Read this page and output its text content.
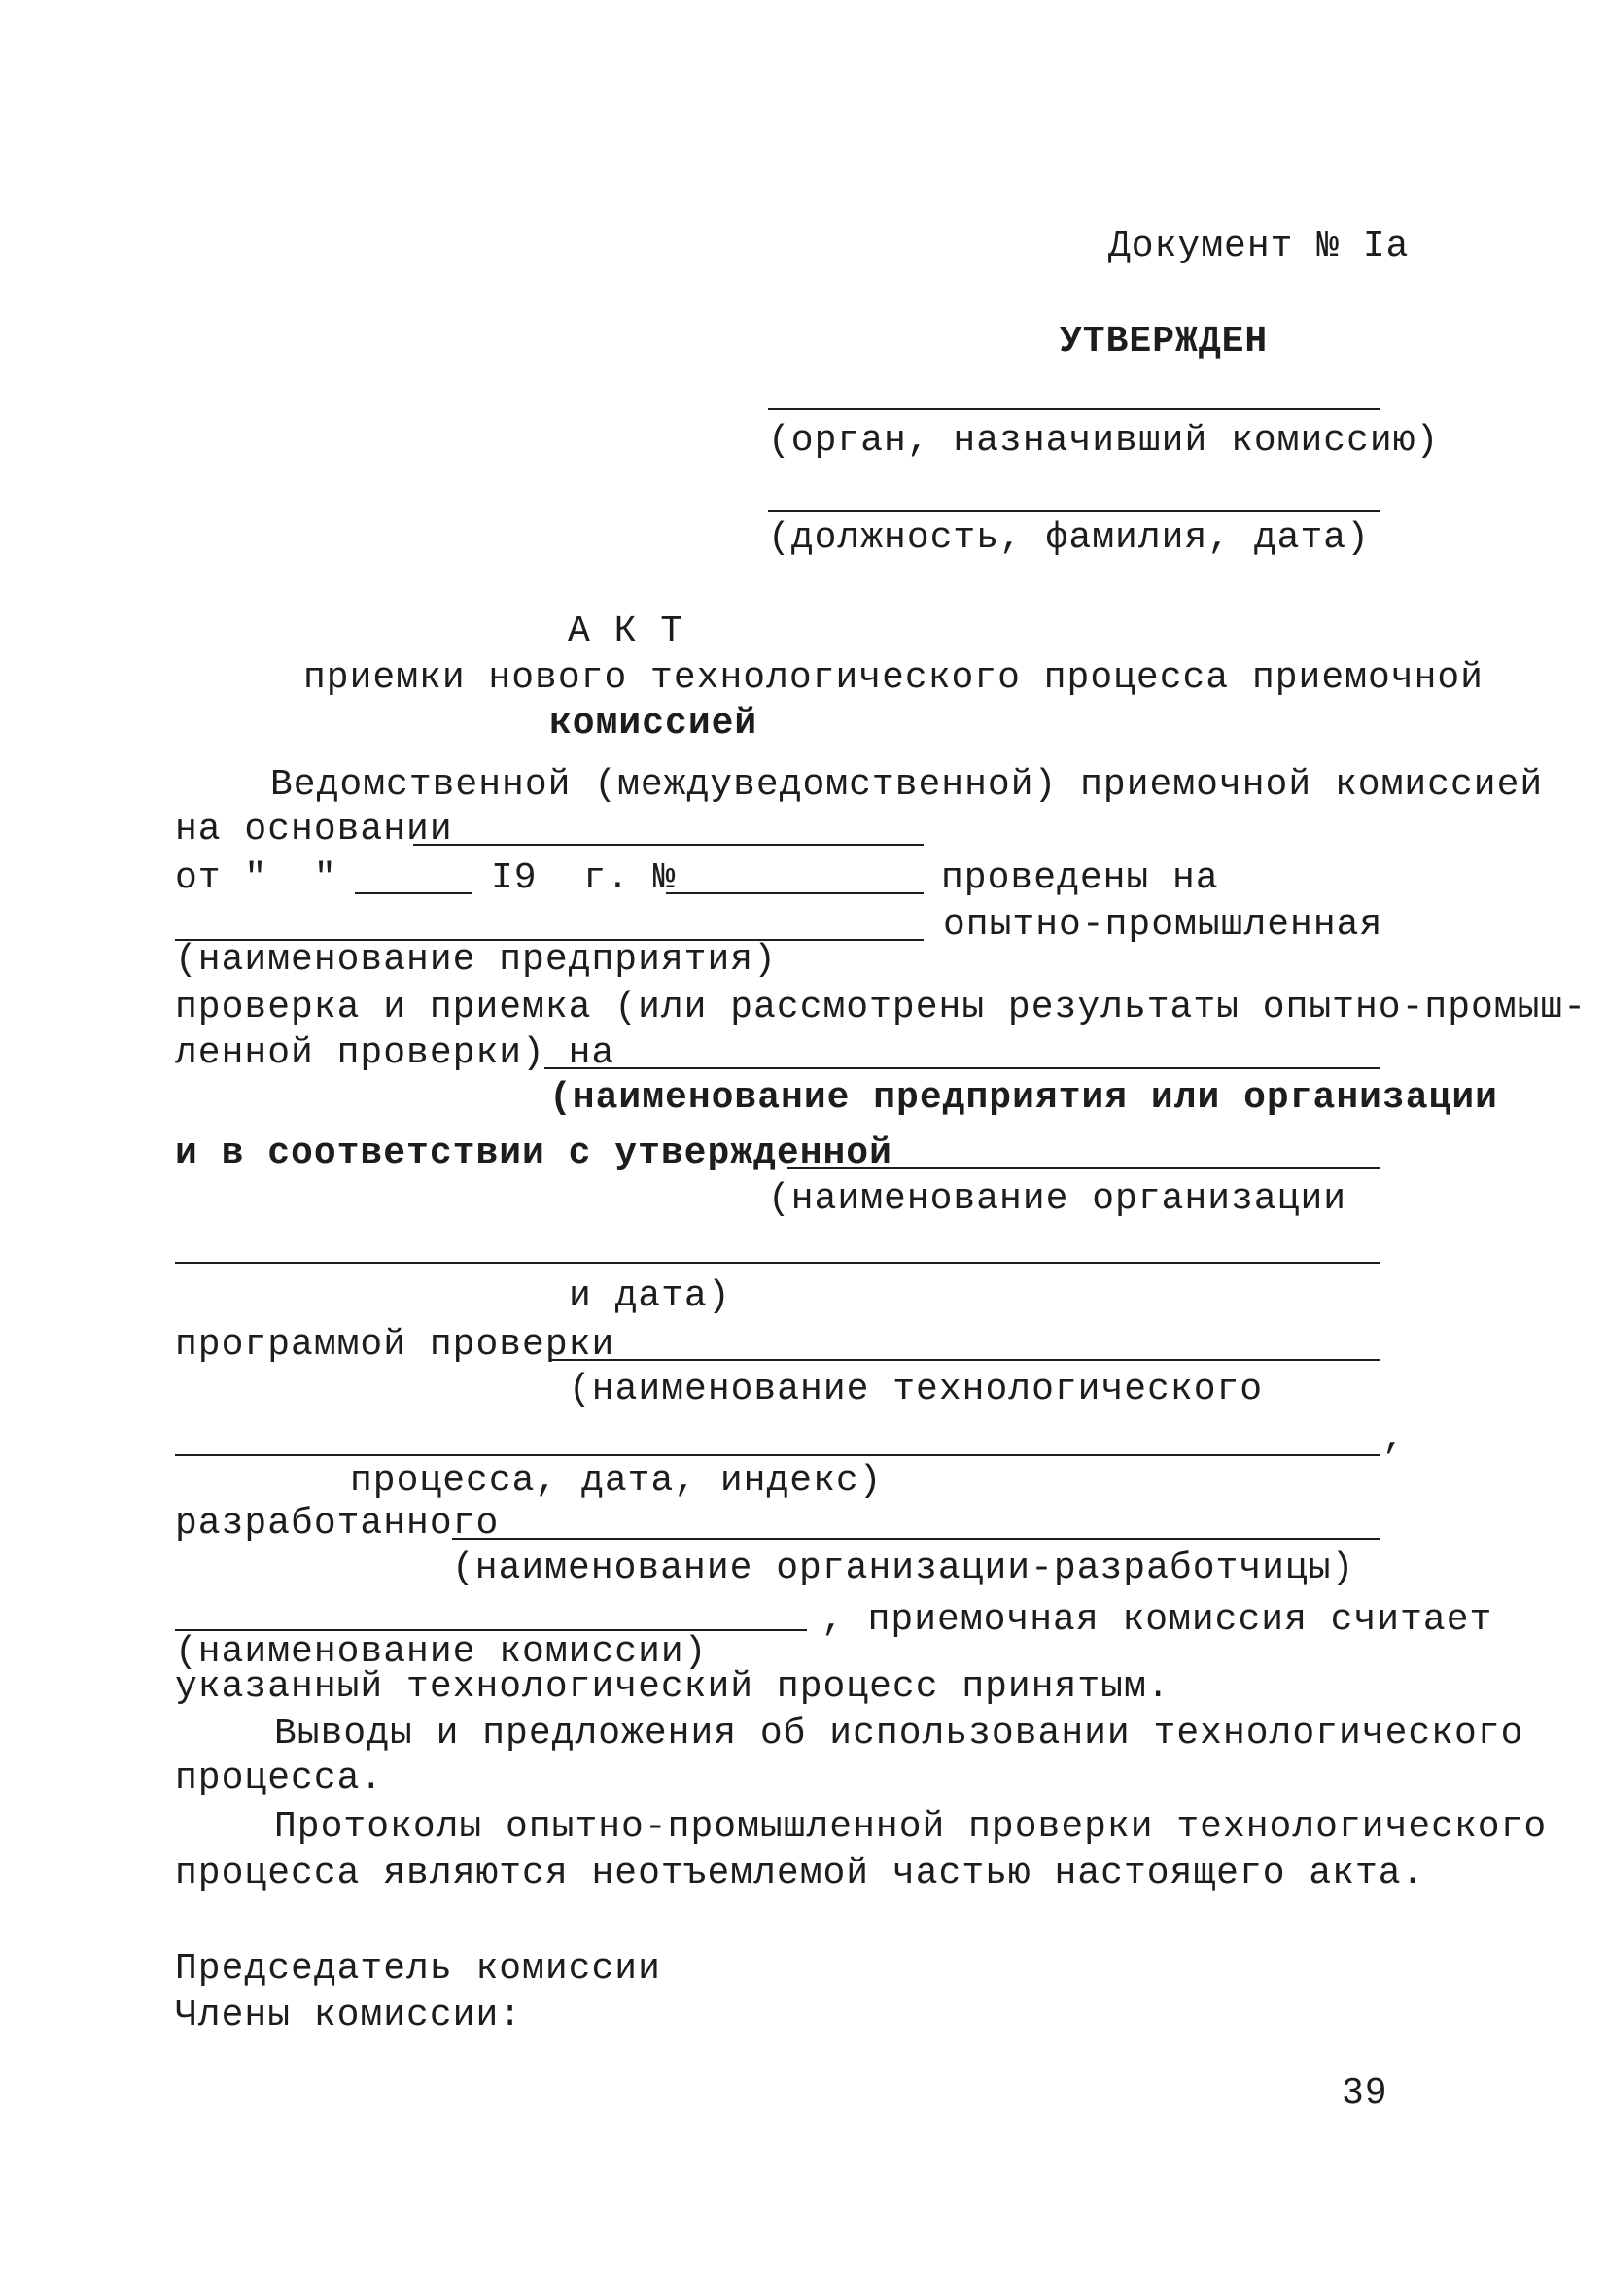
Документ № Ia
УТВЕРЖДЕН
(орган, назначивший комиссию)
(должность, фамилия, дата)
А К Т
приемки нового технологического процесса приемочной
комиссией
Ведомственной (междуведомственной) приемочной комиссией
на основании
от "  "	I9  г. №	проведены на
опытно-промышленная
(наименование предприятия)
проверка и приемка (или рассмотрены результаты опытно-промыш-
ленной проверки) на
(наименование предприятия или организации
и в соответствии с утвержденной
(наименование организации
и дата)
программой проверки
(наименование технологического
,
процесса, дата, индекс)
разработанного
(наименование организации-разработчицы)
, приемочная комиссия считает
(наименование комиссии)
указанный технологический процесс принятым.
Выводы и предложения об использовании технологического
процесса.
Протоколы опытно-промышленной проверки технологического
процесса являются неотъемлемой частью настоящего акта.
Председатель комиссии
Члены комиссии:
39
